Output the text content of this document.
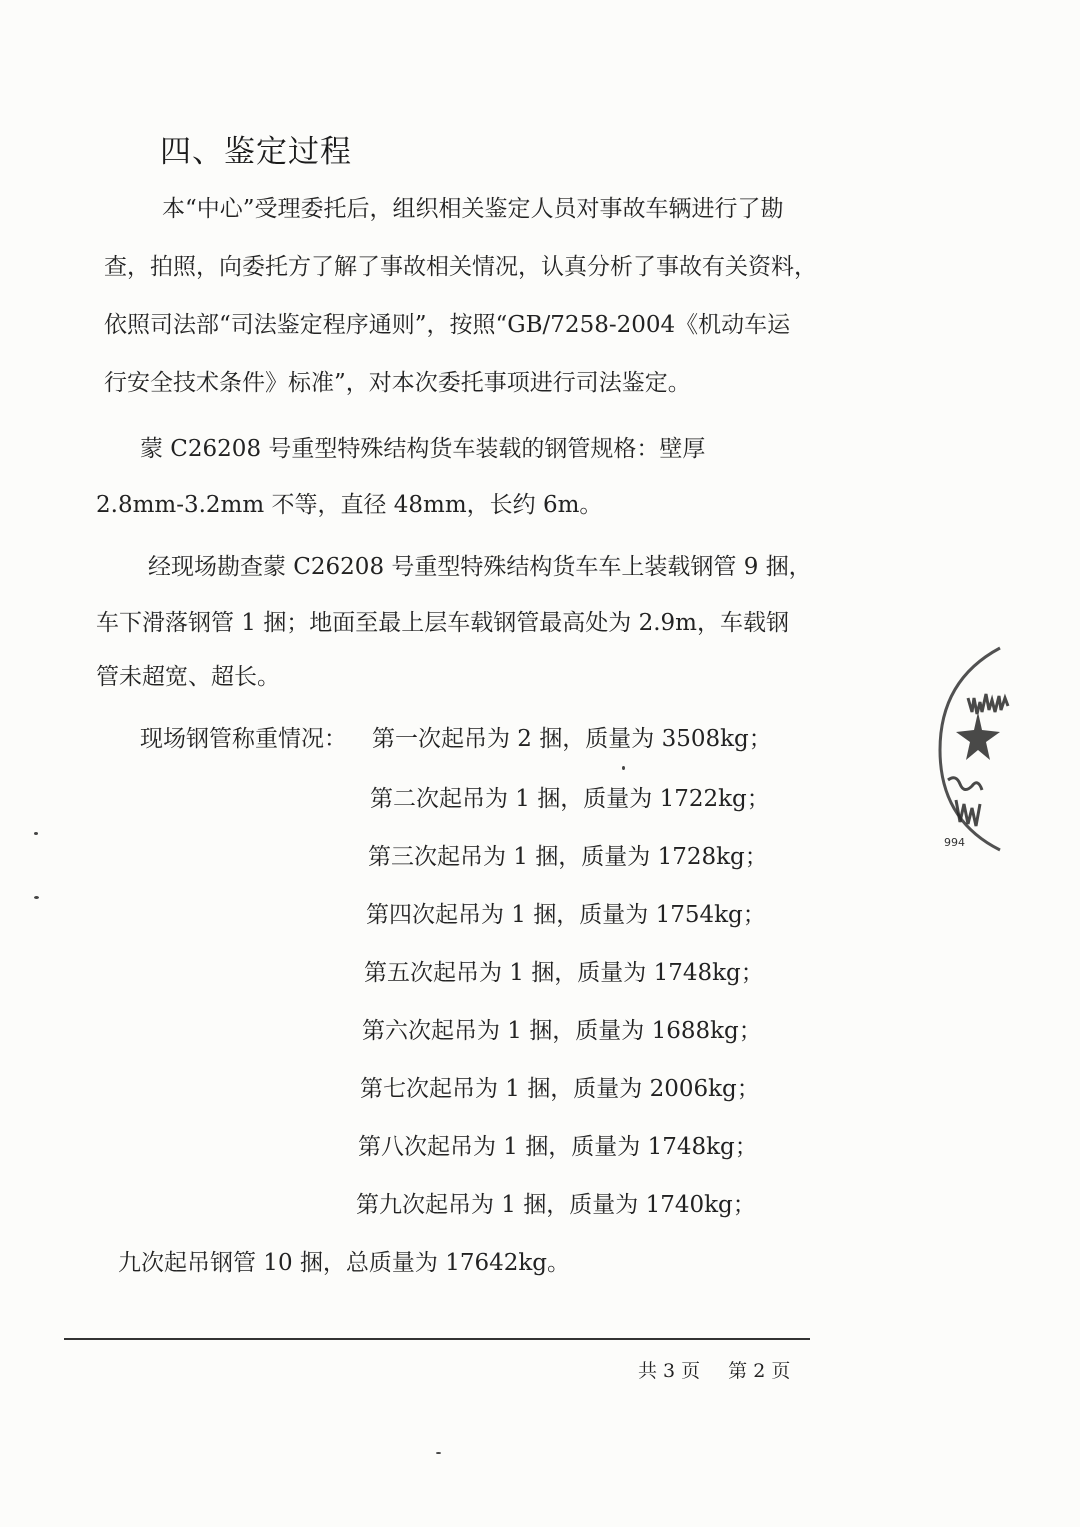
四、鉴定过程
本“中心”受理委托后，组织相关鉴定人员对事故车辆进行了勘
查，拍照，向委托方了解了事故相关情况，认真分析了事故有关资料，
依照司法部“司法鉴定程序通则”，按照“GB/7258-2004《机动车运
行安全技术条件》标准”，对本次委托事项进行司法鉴定。
蒙 C26208 号重型特殊结构货车装载的钢管规格：壁厚
2.8mm-3.2mm 不等，直径 48mm，长约 6m。
经现场勘查蒙 C26208 号重型特殊结构货车车上装载钢管 9 捆，
车下滑落钢管 1 捆；地面至最上层车载钢管最高处为 2.9m，车载钢
管未超宽、超长。
现场钢管称重情况： 第一次起吊为 2 捆，质量为 3508kg；
第二次起吊为 1 捆，质量为 1722kg；
第三次起吊为 1 捆，质量为 1728kg；
第四次起吊为 1 捆，质量为 1754kg；
第五次起吊为 1 捆，质量为 1748kg；
第六次起吊为 1 捆，质量为 1688kg；
第七次起吊为 1 捆，质量为 2006kg；
第八次起吊为 1 捆，质量为 1748kg；
第九次起吊为 1 捆，质量为 1740kg；
九次起吊钢管 10 捆，总质量为 17642kg。
共 3 页 第 2 页
994
